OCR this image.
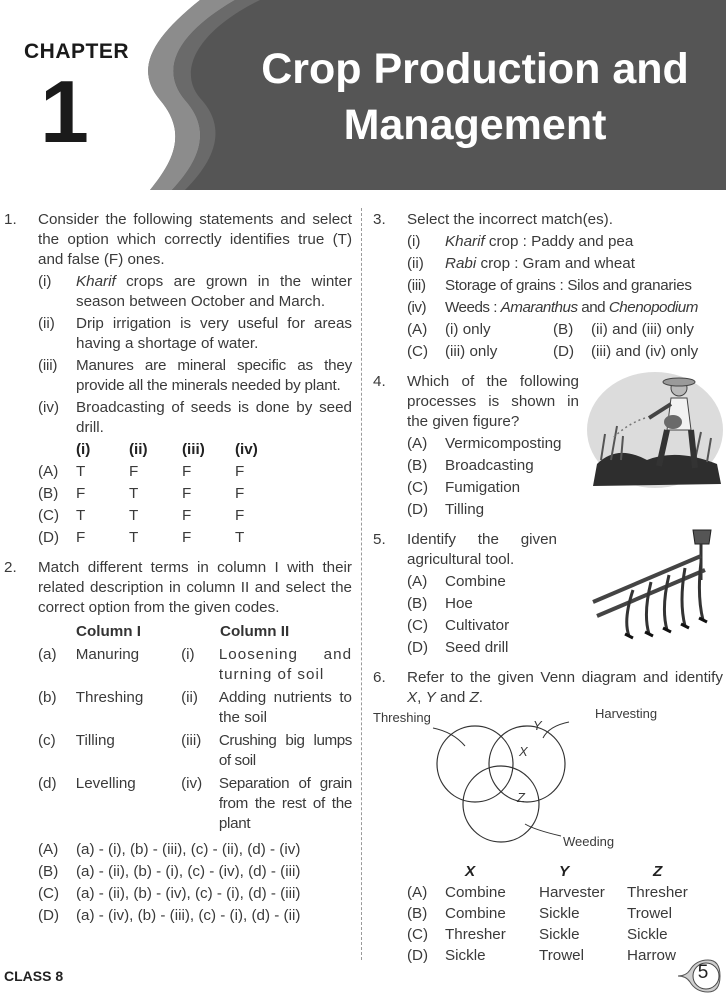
CHAPTER
1	Crop Production and
Management
1. Consider the following statements and select the option which correctly identifies true (T) and false (F) ones.
(i) Kharif crops are grown in the winter season between October and March.
(ii) Drip irrigation is very useful for areas having a shortage of water.
(iii) Manures are mineral specific as they provide all the minerals needed by plant.
(iv) Broadcasting of seeds is done by seed drill.
(i)	(ii)	(iii)	(iv)
(A)	T	F	F	F
(B)	F	T	F	F
(C)	T	T	F	F
(D)	F	T	F	T
2. Match different terms in column I with their related description in column II and select the correct option from the given codes.
Column I	Column II
(a)	Manuring	(i)	Loosening and turning of soil
(b)	Threshing	(ii)	Adding nutrients to the soil
(c)	Tilling	(iii)	Crushing big lumps of soil
(d)	Levelling	(iv)	Separation of grain from the rest of the plant
(A)	(a) - (i), (b) - (iii), (c) - (ii), (d) - (iv)
(B)	(a) - (ii), (b) - (i), (c) - (iv), (d) - (iii)
(C)	(a) - (ii), (b) - (iv), (c) - (i), (d) - (iii)
(D)	(a) - (iv), (b) - (iii), (c) - (i), (d) - (ii)
3. Select the incorrect match(es).
(i) Kharif crop : Paddy and pea
(ii) Rabi crop : Gram and wheat
(iii) Storage of grains : Silos and granaries
(iv) Weeds : Amaranthus and Chenopodium
(A)	(i) only	(B)	(ii) and (iii) only
(C)	(iii) only	(D)	(iii) and (iv) only
4. Which of the following processes is shown in the given figure?
(A)	Vermicomposting
(B)	Broadcasting
(C)	Fumigation
(D)	Tilling
5. Identify the given agricultural tool.
(A)	Combine
(B)	Hoe
(C)	Cultivator
(D)	Seed drill
6. Refer to the given Venn diagram and identify X, Y and Z.
Threshing	Harvesting
Weeding
Y
X
Z
X	Y	Z
(A)	Combine	Harvester	Thresher
(B)	Combine	Sickle	Trowel
(C)	Thresher	Sickle	Sickle
(D)	Sickle	Trowel	Harrow
CLASS 8	5
